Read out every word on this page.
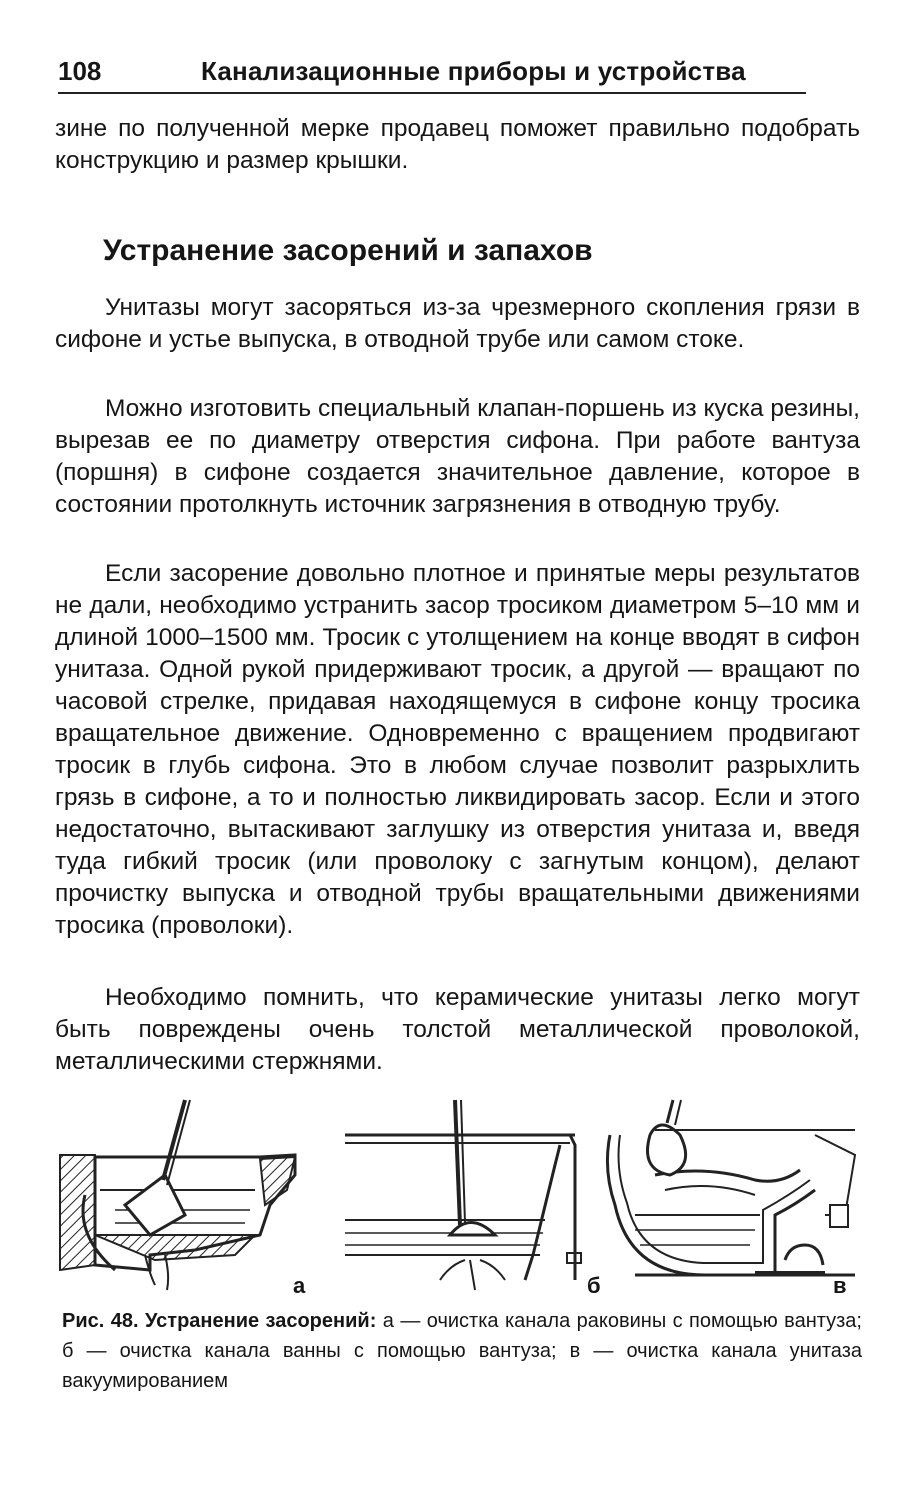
108	Канализационные приборы и устройства

зине по полученной мерке продавец поможет правильно подобрать конструкцию и размер крышки.

Устранение засорений и запахов

Унитазы могут засоряться из-за чрезмерного скопления грязи в сифоне и устье выпуска, в отводной трубе или самом стоке.

Можно изготовить специальный клапан-поршень из куска резины, вырезав ее по диаметру отверстия сифона. При работе вантуза (поршня) в сифоне создается значительное давление, которое в состоянии протолкнуть источник загрязнения в отводную трубу.

Если засорение довольно плотное и принятые меры результатов не дали, необходимо устранить засор тросиком диаметром 5–10 мм и длиной 1000–1500 мм. Тросик с утолщением на конце вводят в сифон унитаза. Одной рукой придерживают тросик, а другой — вращают по часовой стрелке, придавая находящемуся в сифоне концу тросика вращательное движение. Одновременно с вращением продвигают тросик в глубь сифона. Это в любом случае позволит разрыхлить грязь в сифоне, а то и полностью ликвидировать засор. Если и этого недостаточно, вытаскивают заглушку из отверстия унитаза и, введя туда гибкий тросик (или проволоку с загнутым концом), делают прочистку выпуска и отводной трубы вращательными движениями тросика (проволоки).

Необходимо помнить, что керамические унитазы легко могут быть повреждены очень толстой металлической проволокой, металлическими стержнями.

а	б	в

Рис. 48. Устранение засорений: а — очистка канала раковины с помощью вантуза; б — очистка канала ванны с помощью вантуза; в — очистка канала унитаза вакуумированием
